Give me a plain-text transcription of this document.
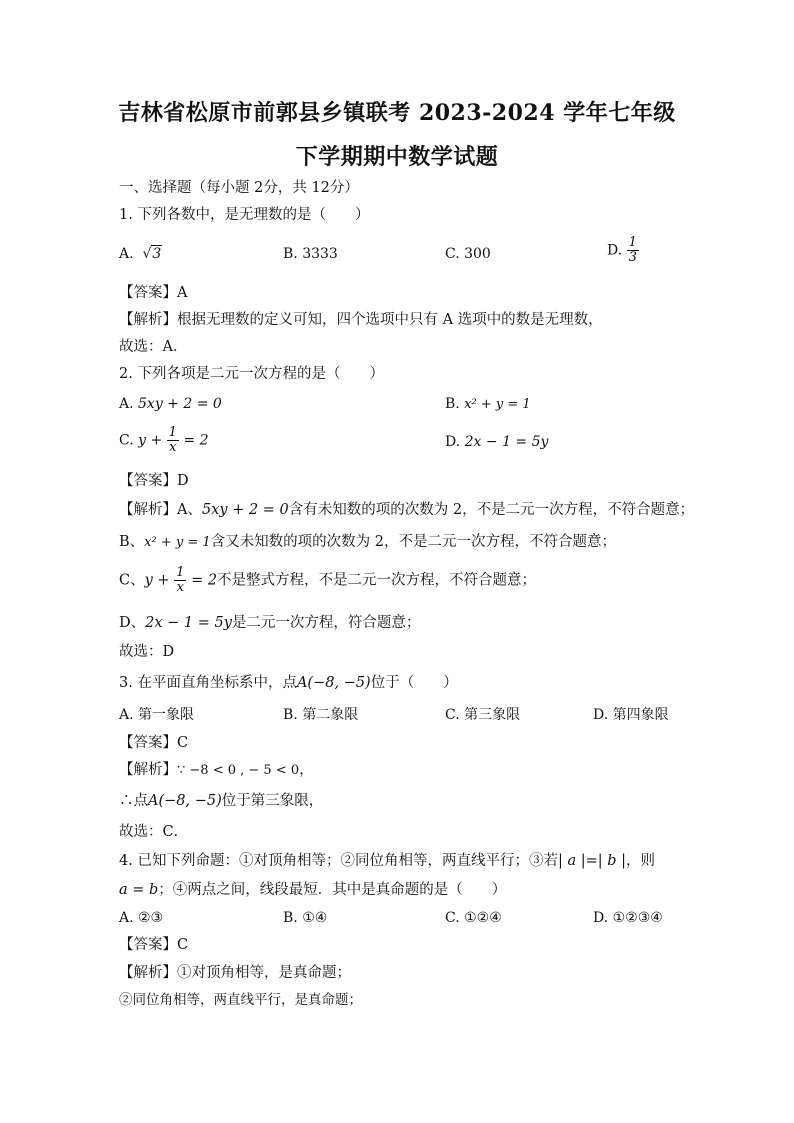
吉林省松原市前郭县乡镇联考 2023-2024 学年七年级
下学期期中数学试题
一、选择题（每小题 2分，共 12分）
1. 下列各数中，是无理数的是（　　）
A.  √3	B. 3333	C. 300	D. $\frac{1}{3}$
【答案】A
【解析】根据无理数的定义可知，四个选项中只有 A 选项中的数是无理数，
故选：A．
2. 下列各项是二元一次方程的是（　　）
A. 5xy + 2 = 0	B. x² + y = 1
C. $y + \frac{1}{x} = 2$	D. 2x − 1 = 5y
【答案】D
【解析】A、5xy + 2 = 0含有未知数的项的次数为 2，不是二元一次方程，不符合题意；
B、x² + y = 1含又未知数的项的次数为 2，不是二元一次方程，不符合题意；
C、$y + \frac{1}{x} = 2$不是整式方程，不是二元一次方程，不符合题意；
D、2x − 1 = 5y是二元一次方程，符合题意；
故选：D
3. 在平面直角坐标系中，点A(−8, −5)位于（　　）
A. 第一象限	B. 第二象限	C. 第三象限	D. 第四象限
【答案】C
【解析】∵ −8 < 0 , − 5 < 0，
∴点A(−8, −5)位于第三象限，
故选：C．
4. 已知下列命题：①对顶角相等；②同位角相等，两直线平行；③若| a |=| b |，则
a = b；④两点之间，线段最短．其中是真命题的是（　　）
A. ②③	B. ①④	C. ①②④	D. ①②③④
【答案】C
【解析】①对顶角相等，是真命题；
②同位角相等，两直线平行，是真命题；
